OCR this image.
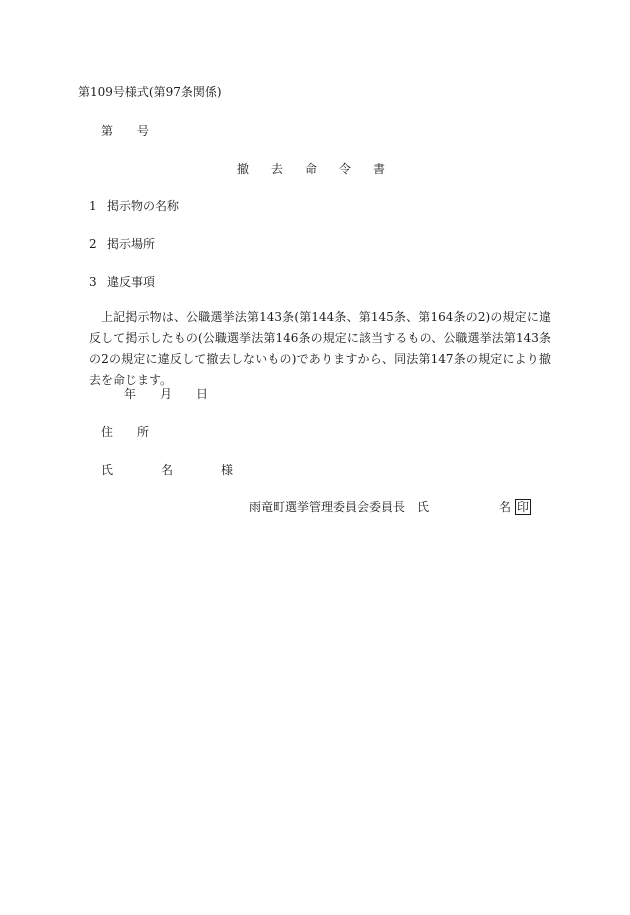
第109号様式(第97条関係)
第 号
撤 去 命 令 書
1 掲示物の名称
2 掲示場所
3 違反事項
上記掲示物は、公職選挙法第143条(第144条、第145条、第164条の2)の規定に違反して掲示したもの(公職選挙法第146条の規定に該当するもの、公職選挙法第143条の2の規定に違反して撤去しないもの)でありますから、同法第147条の規定により撤去を命じます。
年 月 日
住 所
氏	名	様
雨竜町選挙管理委員会委員長 氏	名 印
